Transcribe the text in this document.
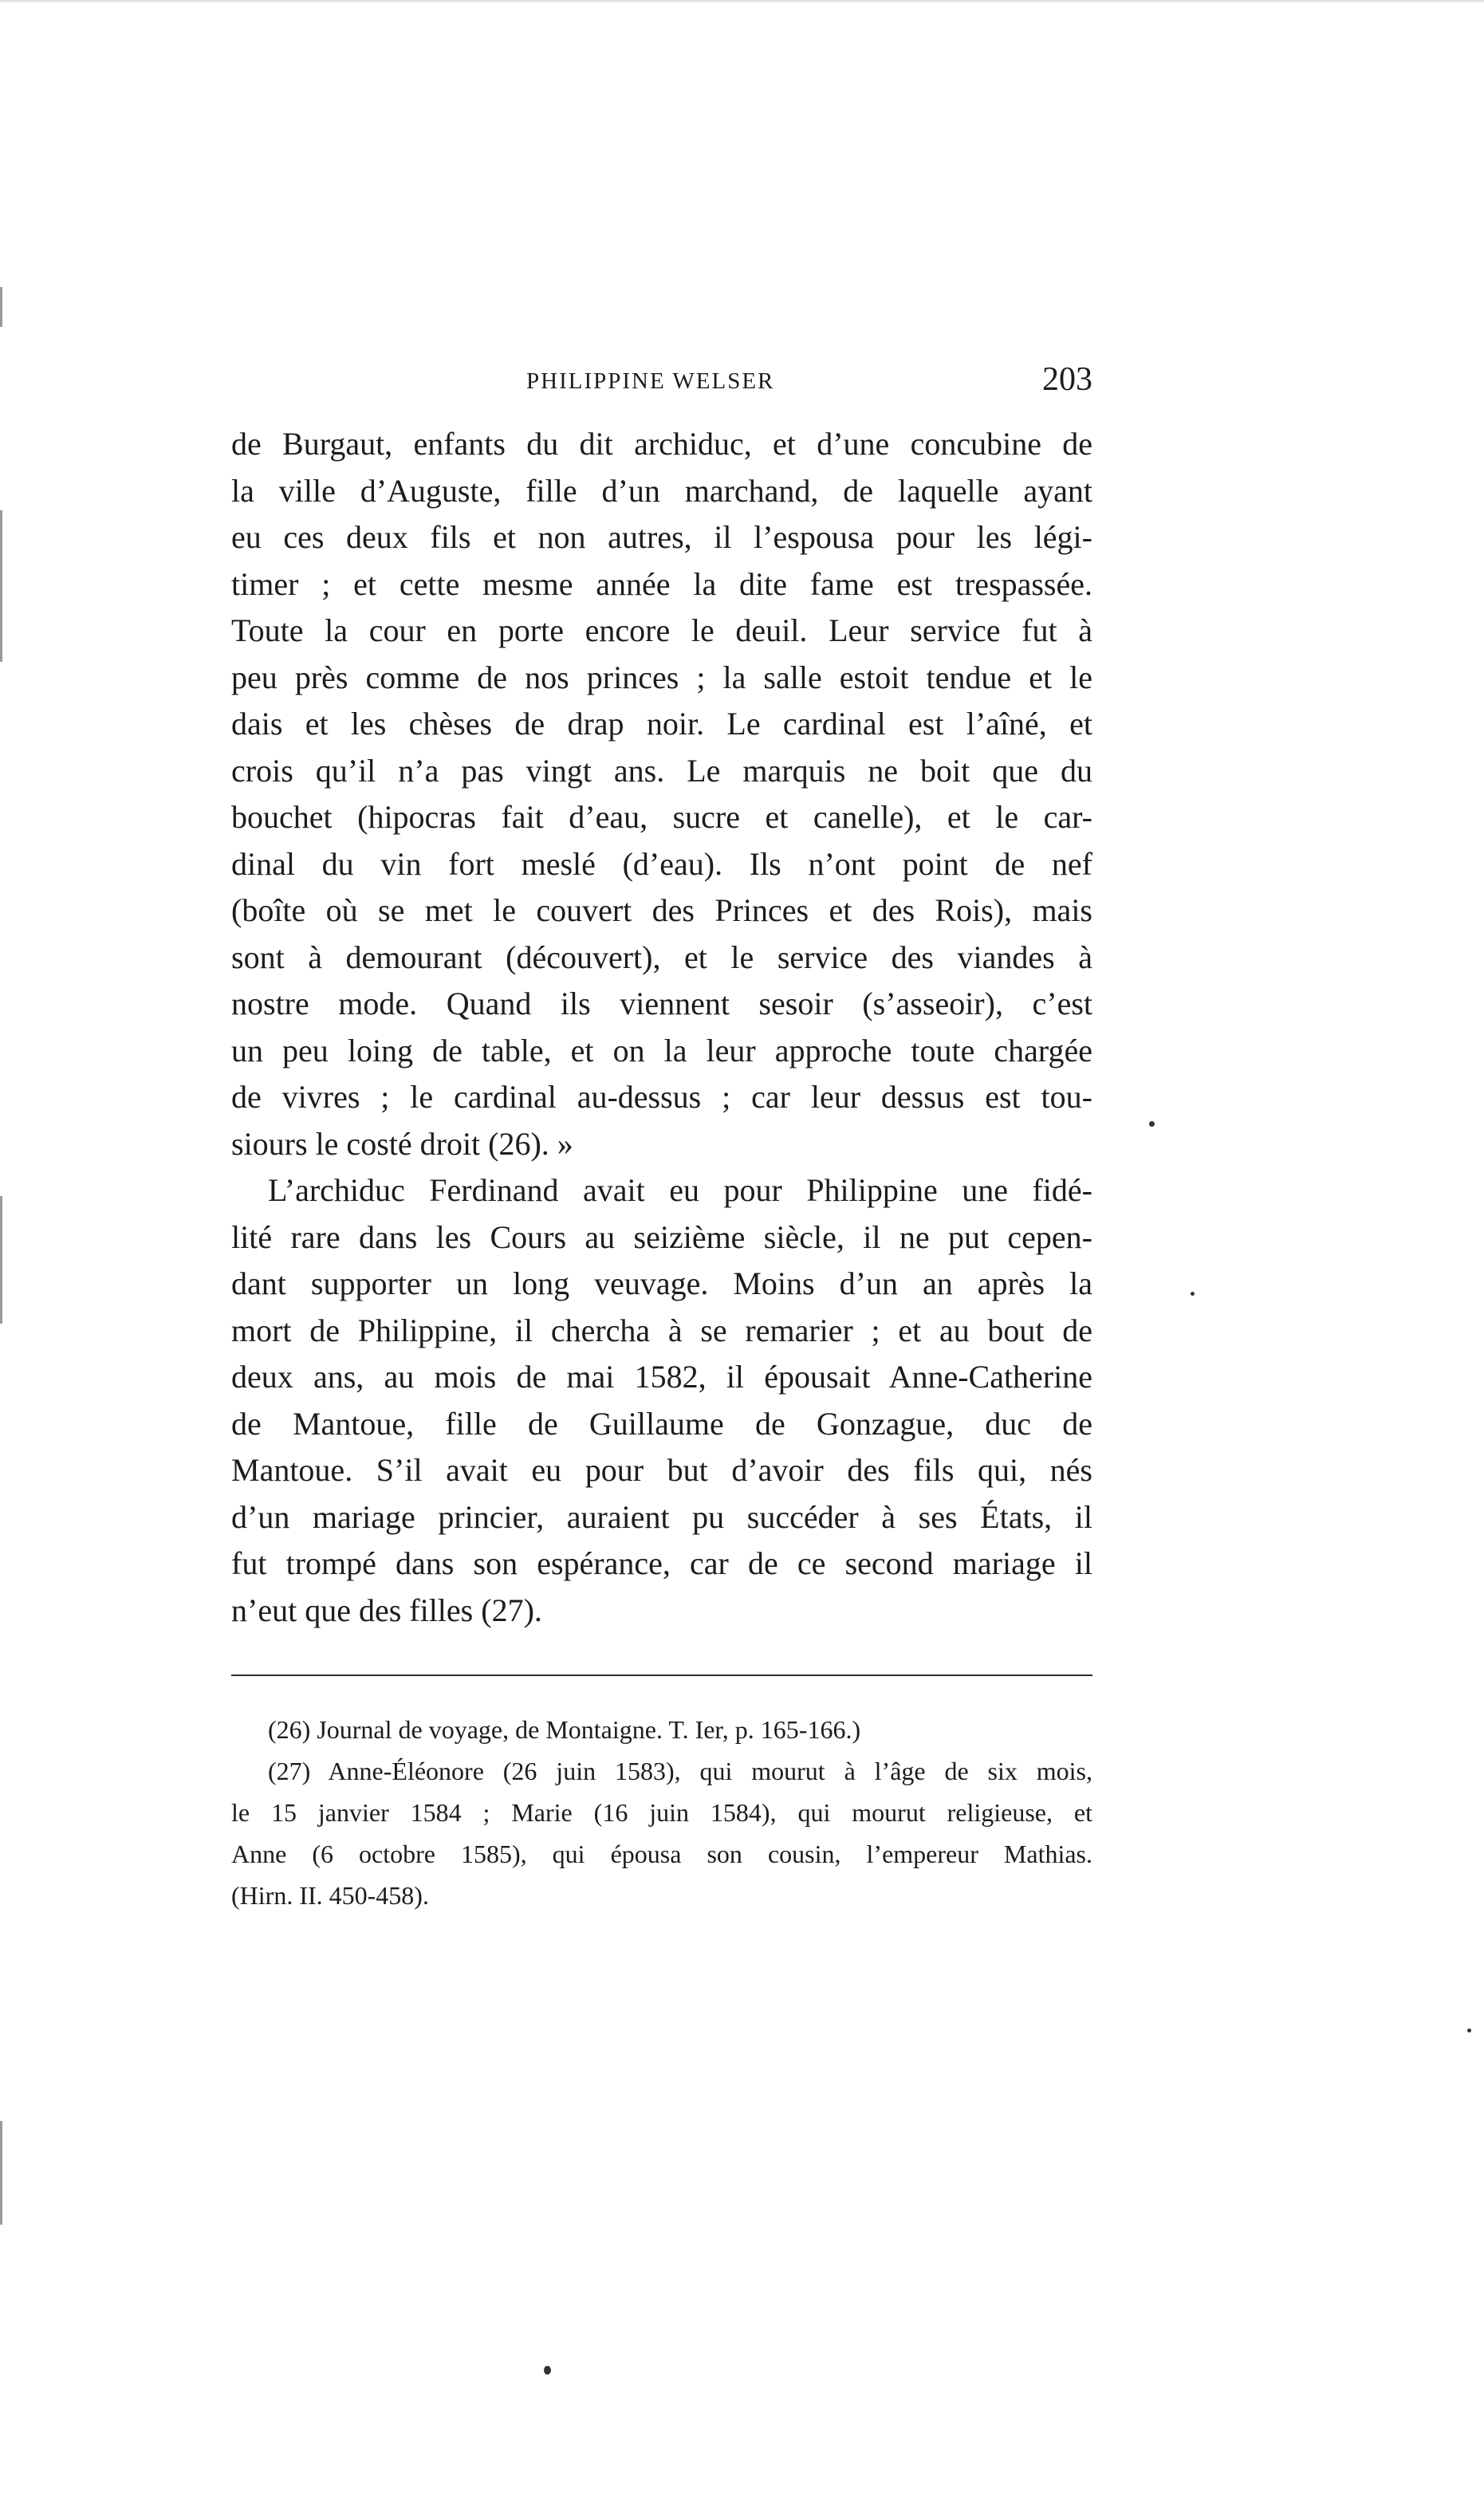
PHILIPPINE WELSER	203
de Burgaut, enfants du dit archiduc, et d’une concubine de
la ville d’Auguste, fille d’un marchand, de laquelle ayant
eu ces deux fils et non autres, il l’espousa pour les légi-
timer ; et cette mesme année la dite fame est trespassée.
Toute la cour en porte encore le deuil. Leur service fut à
peu près comme de nos princes ; la salle estoit tendue et le
dais et les chèses de drap noir. Le cardinal est l’aîné, et
crois qu’il n’a pas vingt ans. Le marquis ne boit que du
bouchet (hipocras fait d’eau, sucre et canelle), et le car-
dinal du vin fort meslé (d’eau). Ils n’ont point de nef
(boîte où se met le couvert des Princes et des Rois), mais
sont à demourant (découvert), et le service des viandes à
nostre mode. Quand ils viennent sesoir (s’asseoir), c’est
un peu loing de table, et on la leur approche toute chargée
de vivres ; le cardinal au-dessus ; car leur dessus est tou-
siours le costé droit (26). »
L’archiduc Ferdinand avait eu pour Philippine une fidé-
lité rare dans les Cours au seizième siècle, il ne put cepen-
dant supporter un long veuvage. Moins d’un an après la
mort de Philippine, il chercha à se remarier ; et au bout de
deux ans, au mois de mai 1582, il épousait Anne-Catherine
de Mantoue, fille de Guillaume de Gonzague, duc de
Mantoue. S’il avait eu pour but d’avoir des fils qui, nés
d’un mariage princier, auraient pu succéder à ses États, il
fut trompé dans son espérance, car de ce second mariage il
n’eut que des filles (27).
(26) Journal de voyage, de Montaigne. T. Ier, p. 165-166.)
(27) Anne-Éléonore (26 juin 1583), qui mourut à l’âge de six mois,
le 15 janvier 1584 ; Marie (16 juin 1584), qui mourut religieuse, et
Anne (6 octobre 1585), qui épousa son cousin, l’empereur Mathias.
(Hirn. II. 450-458).
